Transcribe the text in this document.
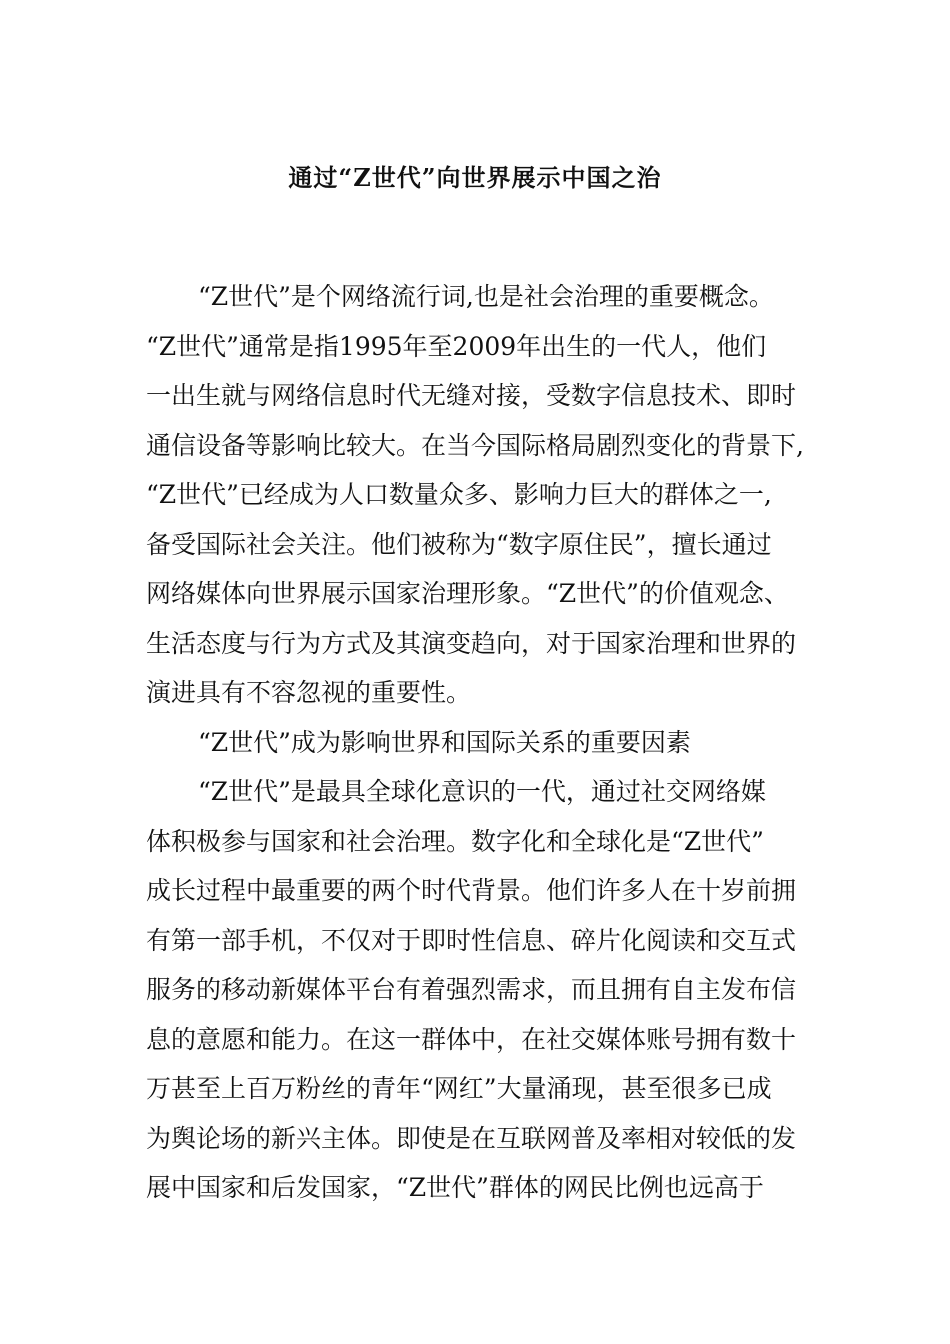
通过“Z世代”向世界展示中国之治

“Z世代”是个网络流行词,也是社会治理的重要概念。
“Z世代”通常是指1995年至2009年出生的一代人，他们
一出生就与网络信息时代无缝对接，受数字信息技术、即时
通信设备等影响比较大。在当今国际格局剧烈变化的背景下,
“Z世代”已经成为人口数量众多、影响力巨大的群体之一,
备受国际社会关注。他们被称为“数字原住民”，擅长通过
网络媒体向世界展示国家治理形象。“Z世代”的价值观念、
生活态度与行为方式及其演变趋向，对于国家治理和世界的
演进具有不容忽视的重要性。

“Z世代”成为影响世界和国际关系的重要因素

“Z世代”是最具全球化意识的一代，通过社交网络媒
体积极参与国家和社会治理。数字化和全球化是“Z世代”
成长过程中最重要的两个时代背景。他们许多人在十岁前拥
有第一部手机，不仅对于即时性信息、碎片化阅读和交互式
服务的移动新媒体平台有着强烈需求，而且拥有自主发布信
息的意愿和能力。在这一群体中，在社交媒体账号拥有数十
万甚至上百万粉丝的青年“网红”大量涌现，甚至很多已成
为舆论场的新兴主体。即使是在互联网普及率相对较低的发
展中国家和后发国家，“Z世代”群体的网民比例也远高于
